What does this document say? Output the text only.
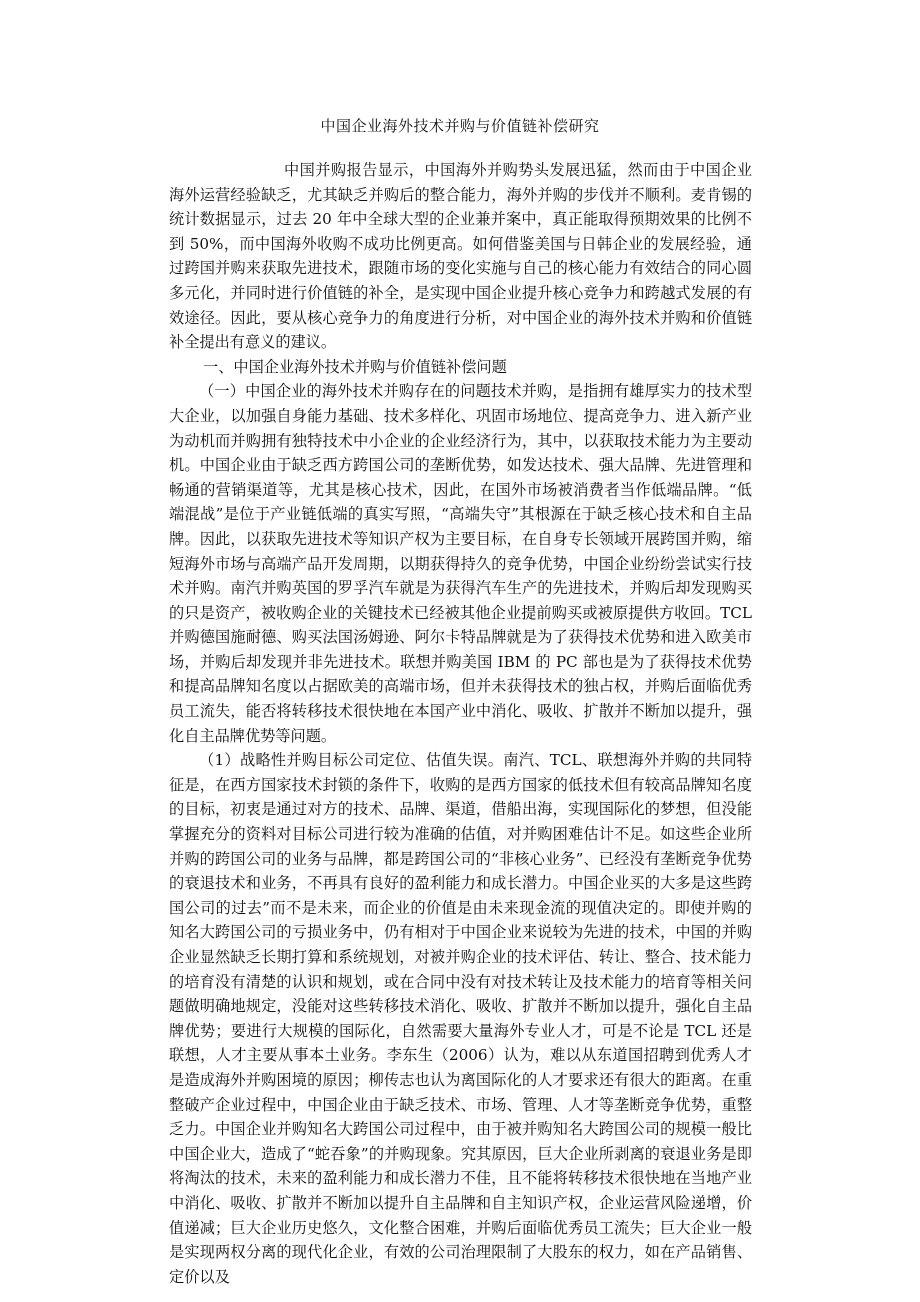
中国企业海外技术并购与价值链补偿研究

中国并购报告显示，中国海外并购势头发展迅猛，然而由于中国企业海外运营经验缺乏，尤其缺乏并购后的整合能力，海外并购的步伐并不顺利。麦肯锡的统计数据显示，过去 20 年中全球大型的企业兼并案中，真正能取得预期效果的比例不到 50%，而中国海外收购不成功比例更高。如何借鉴美国与日韩企业的发展经验，通过跨国并购来获取先进技术，跟随市场的变化实施与自己的核心能力有效结合的同心圆多元化，并同时进行价值链的补全，是实现中国企业提升核心竞争力和跨越式发展的有效途径。因此，要从核心竞争力的角度进行分析，对中国企业的海外技术并购和价值链补全提出有意义的建议。

一、中国企业海外技术并购与价值链补偿问题

（一）中国企业的海外技术并购存在的问题技术并购，是指拥有雄厚实力的技术型大企业，以加强自身能力基础、技术多样化、巩固市场地位、提高竞争力、进入新产业为动机而并购拥有独特技术中小企业的企业经济行为，其中，以获取技术能力为主要动机。中国企业由于缺乏西方跨国公司的垄断优势，如发达技术、强大品牌、先进管理和畅通的营销渠道等，尤其是核心技术，因此，在国外市场被消费者当作低端品牌。“低端混战”是位于产业链低端的真实写照，“高端失守”其根源在于缺乏核心技术和自主品牌。因此，以获取先进技术等知识产权为主要目标，在自身专长领域开展跨国并购，缩短海外市场与高端产品开发周期，以期获得持久的竞争优势，中国企业纷纷尝试实行技术并购。南汽并购英国的罗孚汽车就是为获得汽车生产的先进技术，并购后却发现购买的只是资产，被收购企业的关键技术已经被其他企业提前购买或被原提供方收回。TCL 并购德国施耐德、购买法国汤姆逊、阿尔卡特品牌就是为了获得技术优势和进入欧美市场，并购后却发现并非先进技术。联想并购美国 IBM 的 PC 部也是为了获得技术优势和提高品牌知名度以占据欧美的高端市场，但并未获得技术的独占权，并购后面临优秀员工流失，能否将转移技术很快地在本国产业中消化、吸收、扩散并不断加以提升，强化自主品牌优势等问题。

（1）战略性并购目标公司定位、估值失误。南汽、TCL、联想海外并购的共同特征是，在西方国家技术封锁的条件下，收购的是西方国家的低技术但有较高品牌知名度的目标，初衷是通过对方的技术、品牌、渠道，借船出海，实现国际化的梦想，但没能掌握充分的资料对目标公司进行较为准确的估值，对并购困难估计不足。如这些企业所并购的跨国公司的业务与品牌，都是跨国公司的“非核心业务”、已经没有垄断竞争优势的衰退技术和业务，不再具有良好的盈利能力和成长潜力。中国企业买的大多是这些跨国公司的过去”而不是未来，而企业的价值是由未来现金流的现值决定的。即使并购的知名大跨国公司的亏损业务中，仍有相对于中国企业来说较为先进的技术，中国的并购企业显然缺乏长期打算和系统规划，对被并购企业的技术评估、转让、整合、技术能力的培育没有清楚的认识和规划，或在合同中没有对技术转让及技术能力的培育等相关问题做明确地规定，没能对这些转移技术消化、吸收、扩散并不断加以提升，强化自主品牌优势；要进行大规模的国际化，自然需要大量海外专业人才，可是不论是 TCL 还是联想，人才主要从事本土业务。李东生（2006）认为，难以从东道国招聘到优秀人才是造成海外并购困境的原因；柳传志也认为离国际化的人才要求还有很大的距离。在重整破产企业过程中，中国企业由于缺乏技术、市场、管理、人才等垄断竞争优势，重整乏力。中国企业并购知名大跨国公司过程中，由于被并购知名大跨国公司的规模一般比中国企业大，造成了“蛇吞象”的并购现象。究其原因，巨大企业所剥离的衰退业务是即将淘汰的技术，未来的盈利能力和成长潜力不佳，且不能将转移技术很快地在当地产业中消化、吸收、扩散并不断加以提升自主品牌和自主知识产权，企业运营风险递增，价值递减；巨大企业历史悠久，文化整合困难，并购后面临优秀员工流失；巨大企业一般是实现两权分离的现代化企业，有效的公司治理限制了大股东的权力，如在产品销售、定价以及
